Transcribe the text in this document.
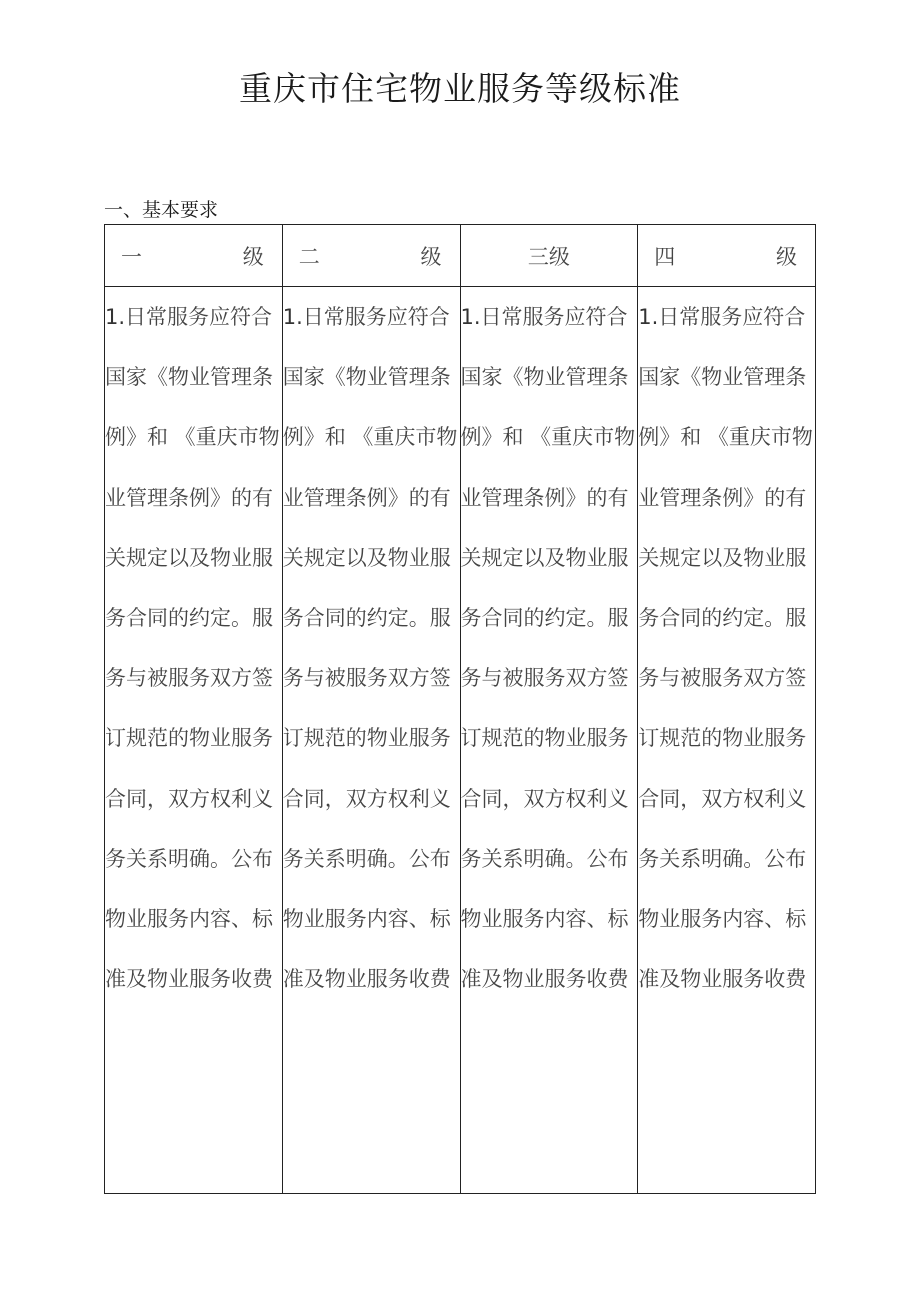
重庆市住宅物业服务等级标准
一、基本要求
一 级	二 级	三级	四 级

1.日常服务应符合国家《物业管理条例》和 《重庆市物业管理条例》的有关规定以及物业服务合同的约定。服务与被服务双方签订规范的物业服务合同，双方权利义务关系明确。公布物业服务内容、标准及物业服务收费	1.日常服务应符合国家《物业管理条例》和 《重庆市物业管理条例》的有关规定以及物业服务合同的约定。服务与被服务双方签订规范的物业服务合同，双方权利义务关系明确。公布物业服务内容、标准及物业服务收费	1.日常服务应符合国家《物业管理条例》和 《重庆市物业管理条例》的有关规定以及物业服务合同的约定。服务与被服务双方签订规范的物业服务合同，双方权利义务关系明确。公布物业服务内容、标准及物业服务收费	1.日常服务应符合国家《物业管理条例》和 《重庆市物业管理条例》的有关规定以及物业服务合同的约定。服务与被服务双方签订规范的物业服务合同，双方权利义务关系明确。公布物业服务内容、标准及物业服务收费
